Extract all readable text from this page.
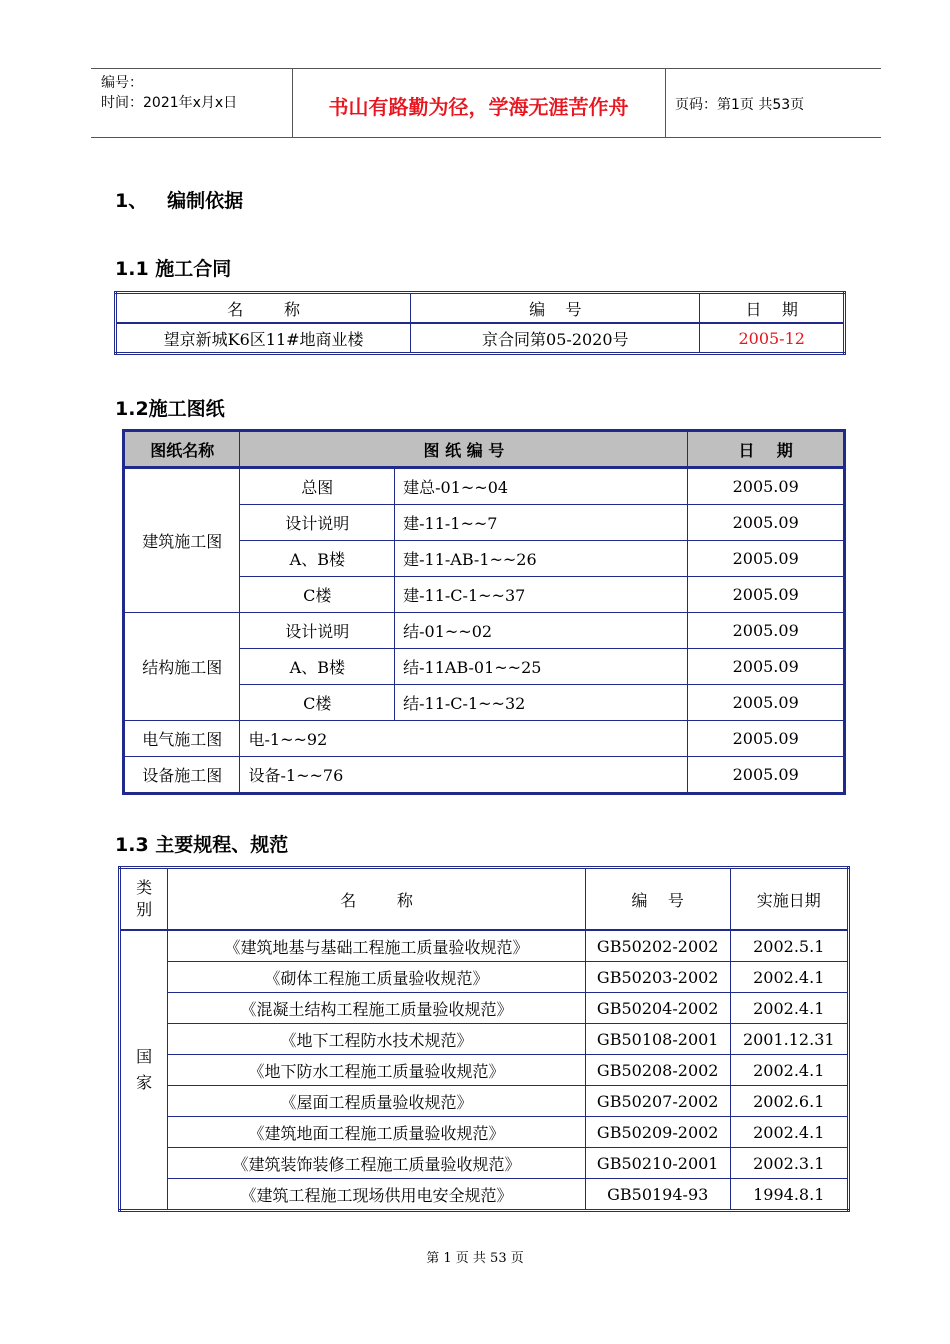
编号：
时间：2021年x月x日	书山有路勤为径，学海无涯苦作舟	页码：第1页 共53页
1、   编制依据
1.1 施工合同
名        称	编    号	日    期
望京新城K6区11#地商业楼	京合同第05-2020号	2005-12
1.2施工图纸
图纸名称	图 纸 编 号		日    期
建筑施工图	总图	建总-01~~04	2005.09
	设计说明	建-11-1~~7	2005.09
	A、B楼	建-11-AB-1~~26	2005.09
	C楼	建-11-C-1~~37	2005.09
结构施工图	设计说明	结-01~~02	2005.09
	A、B楼	结-11AB-01~~25	2005.09
	C楼	结-11-C-1~~32	2005.09
电气施工图	电-1~~92		2005.09
设备施工图	设备-1~~76		2005.09
1.3 主要规程、规范
类别	名        称	编    号	实施日期

国家	《建筑地基与基础工程施工质量验收规范》	GB50202-2002	2002.5.1
	《砌体工程施工质量验收规范》	GB50203-2002	2002.4.1
	《混凝土结构工程施工质量验收规范》	GB50204-2002	2002.4.1
	《地下工程防水技术规范》	GB50108-2001	2001.12.31
	《地下防水工程施工质量验收规范》	GB50208-2002	2002.4.1
	《屋面工程质量验收规范》	GB50207-2002	2002.6.1
	《建筑地面工程施工质量验收规范》	GB50209-2002	2002.4.1
	《建筑装饰装修工程施工质量验收规范》	GB50210-2001	2002.3.1
	《建筑工程施工现场供用电安全规范》	GB50194-93	1994.8.1
第 1 页 共 53 页
